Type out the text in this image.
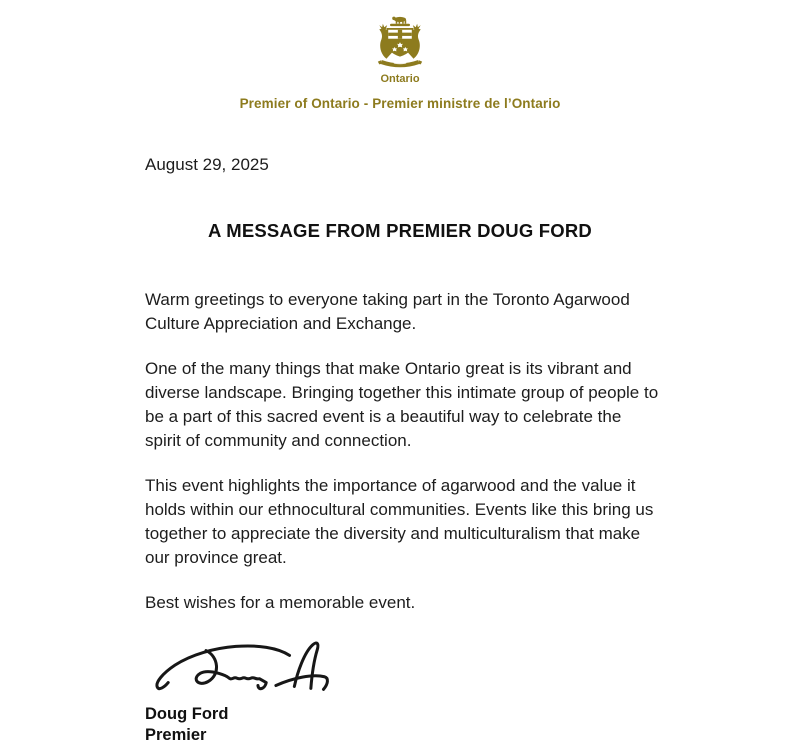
Ontario
Premier of Ontario - Premier ministre de l’Ontario
August 29, 2025
A MESSAGE FROM PREMIER DOUG FORD

Warm greetings to everyone taking part in the Toronto Agarwood Culture Appreciation and Exchange.

One of the many things that make Ontario great is its vibrant and diverse landscape. Bringing together this intimate group of people to be a part of this sacred event is a beautiful way to celebrate the spirit of community and connection.

This event highlights the importance of agarwood and the value it holds within our ethnocultural communities. Events like this bring us together to appreciate the diversity and multiculturalism that make our province great.

Best wishes for a memorable event.

Doug Ford
Premier
